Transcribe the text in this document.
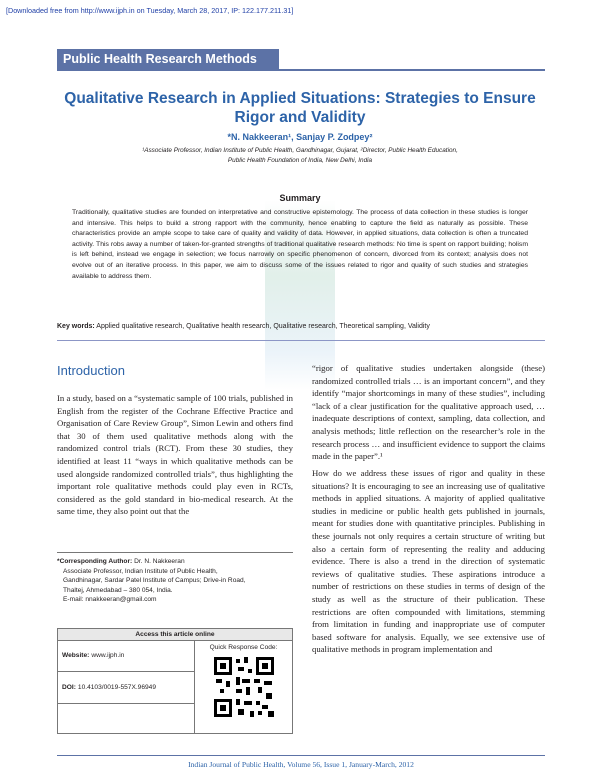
[Downloaded free from http://www.ijph.in on Tuesday, March 28, 2017, IP: 122.177.211.31]
Public Health Research Methods
Qualitative Research in Applied Situations: Strategies to Ensure Rigor and Validity
*N. Nakkeeran¹, Sanjay P. Zodpey²
¹Associate Professor, Indian Institute of Public Health, Gandhinagar, Gujarat, ²Director, Public Health Education,
Public Health Foundation of India, New Delhi, India
Summary
Traditionally, qualitative studies are founded on interpretative and constructive epistemology. The process of data collection in these studies is longer and intensive. This helps to build a strong rapport with the community, hence enabling to capture the field as naturally as possible. These characteristics provide an ample scope to take care of quality and validity of data. However, in applied situations, data collection is often a truncated activity. This robs away a number of taken-for-granted strengths of traditional qualitative research methods: No time is spent on rapport building; holism is left behind, instead we engage in selection; we focus narrowly on specific phenomenon of concern, divorced from its context; analysis does not evolve out of an iterative process. In this paper, we aim to discuss some of the issues related to rigor and quality of such studies and strategies available to address them.
Key words: Applied qualitative research, Qualitative health research, Qualitative research, Theoretical sampling, Validity
Introduction
In a study, based on a “systematic sample of 100 trials, published in English from the register of the Cochrane Effective Practice and Organisation of Care Review Group”, Simon Lewin and others find that 30 of them used qualitative methods along with the randomized control trials (RCT). From these 30 studies, they identified at least 11 “ways in which qualitative methods can be used alongside randomized controlled trials”, thus highlighting the important role qualitative methods could play even in RCTs, considered as the gold standard in bio-medical research. At the same time, they also point out that the
“rigor of qualitative studies undertaken alongside (these) randomized controlled trials … is an important concern”, and they identify “major shortcomings in many of these studies”, including “lack of a clear justification for the qualitative approach used, … inadequate descriptions of context, sampling, data collection, and analysis methods; little reflection on the researcher’s role in the research process … and insufficient evidence to support the claims made in the paper”.¹
How do we address these issues of rigor and quality in these situations? It is encouraging to see an increasing use of qualitative methods in applied situations. A majority of applied qualitative studies in medicine or public health gets published in journals, meant for studies done with quantitative principles. Publishing in these journals not only requires a certain structure of writing but also a certain form of representing the reality and adducing evidence. There is also a trend in the direction of systematic reviews of qualitative studies. These aspirations introduce a number of restrictions on these studies in terms of design of the study as well as the structure of their publication. These restrictions are often compounded with limitations, stemming from limitation in funding and inappropriate use of computer based software for analysis. Equally, we see extensive use of qualitative methods in program implementation and
*Corresponding Author: Dr. N. Nakkeeran
Associate Professor, Indian Institute of Public Health,
Gandhinagar, Sardar Patel Institute of Campus; Drive-in Road,
Thaltej, Ahmedabad – 380 054, India.
E-mail: nnakkeeran@gmail.com
Access this article online
Website: www.ijph.in
DOI: 10.4103/0019-557X.96949
Quick Response Code:
Indian Journal of Public Health, Volume 56, Issue 1, January-March, 2012
